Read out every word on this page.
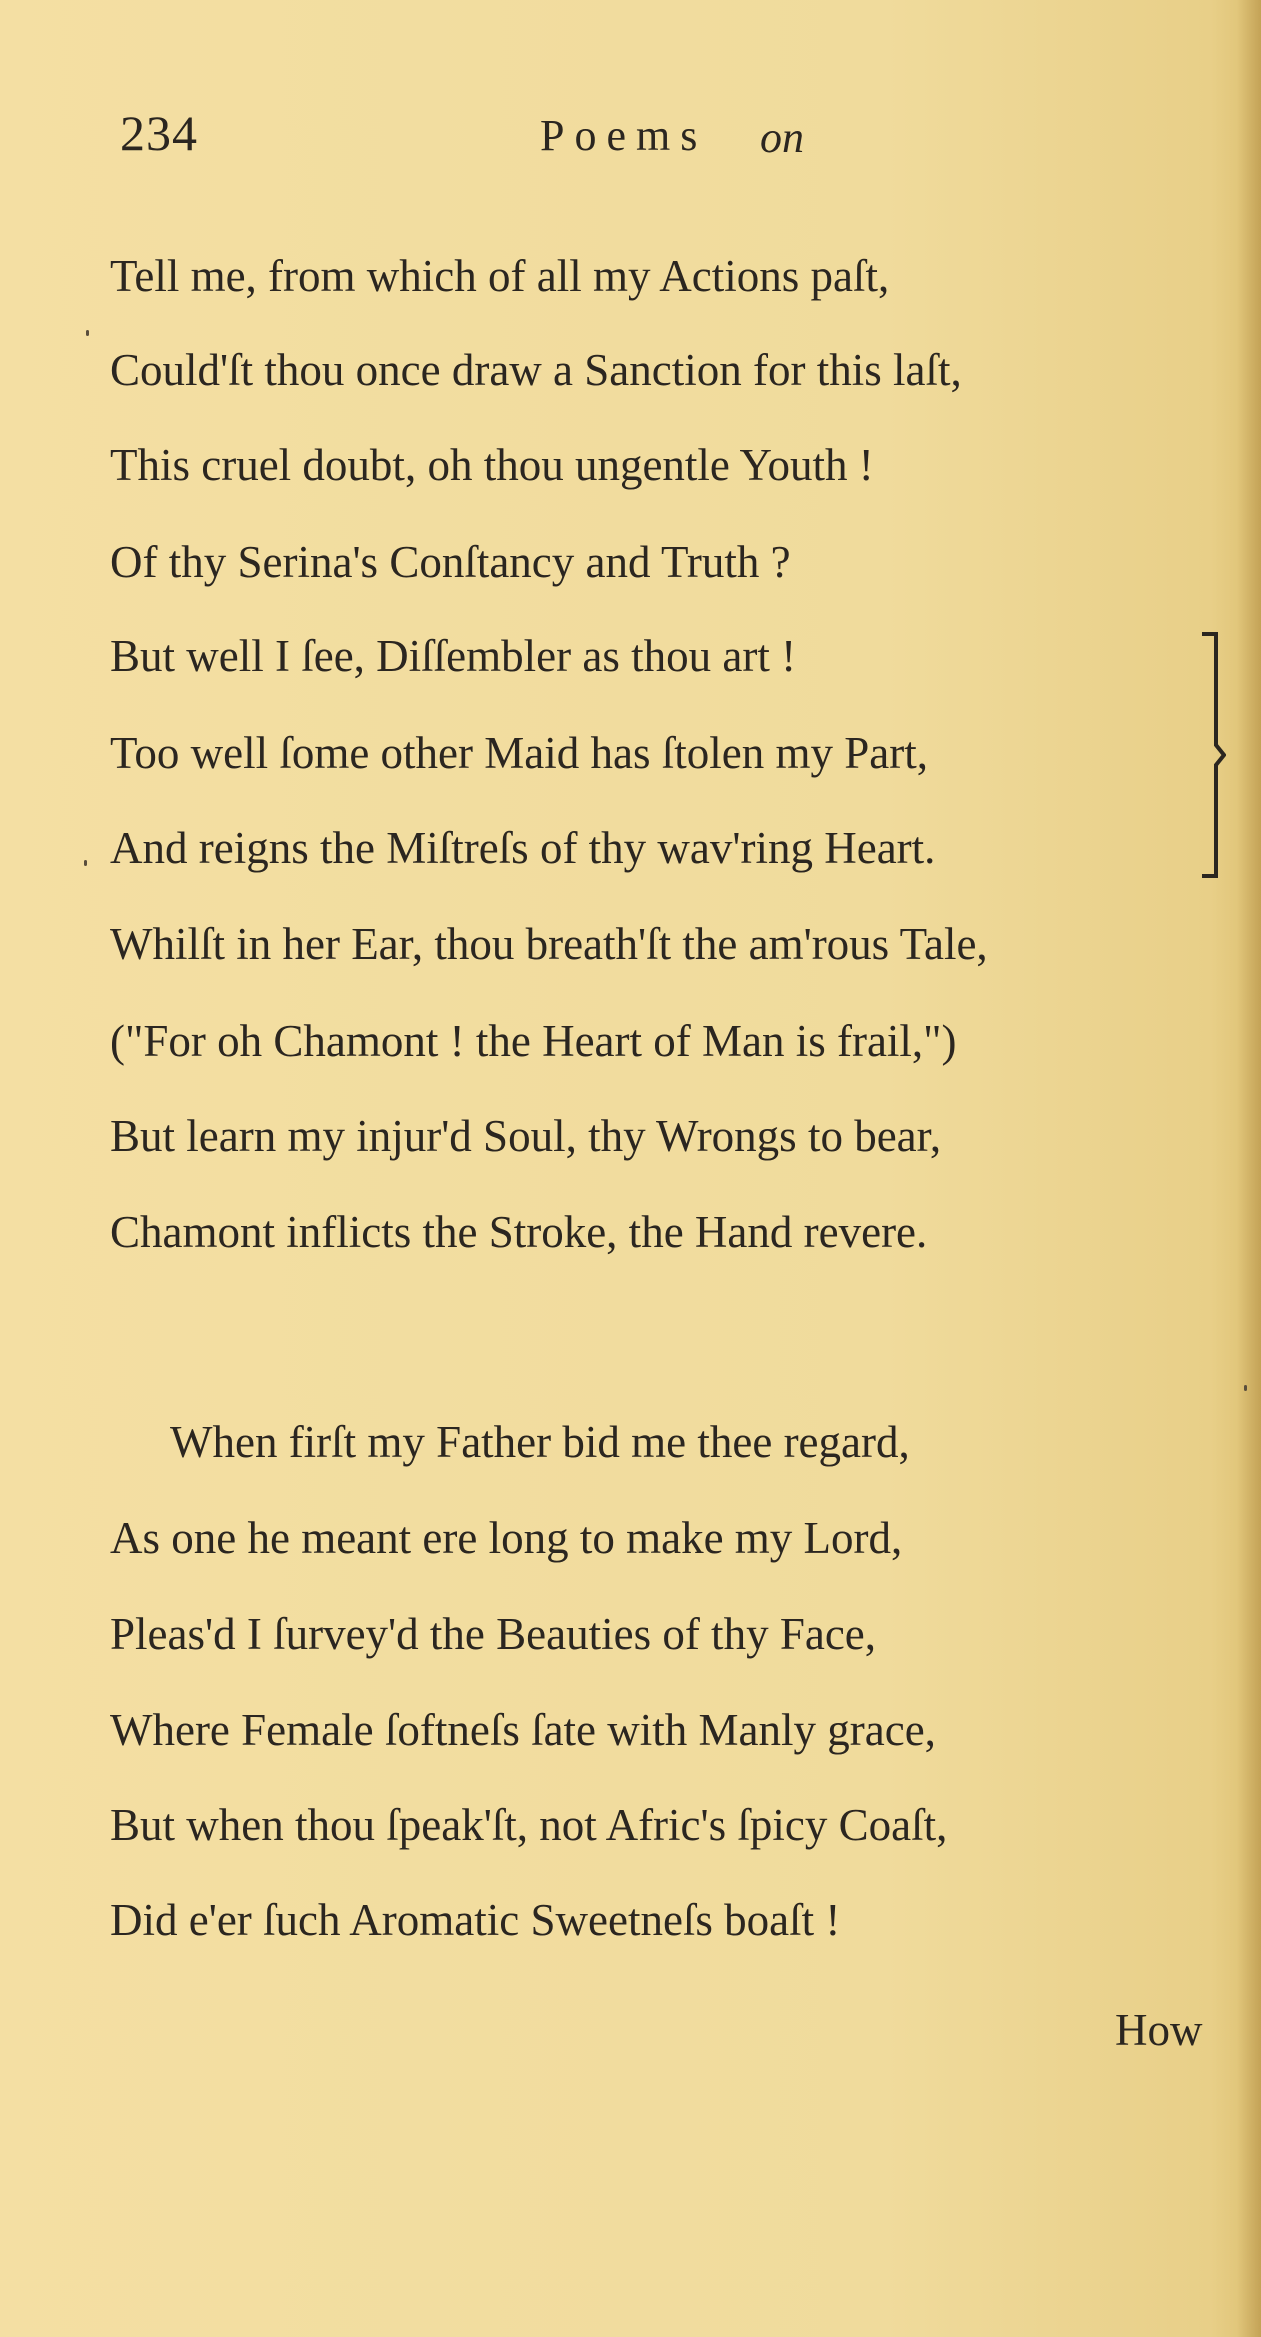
234	Poems on
Tell me, from which of all my Actions paſt,
Could'ſt thou once draw a Sanction for this laſt,
This cruel doubt, oh thou ungentle Youth !
Of thy Serina's Conſtancy and Truth ?
But well I ſee, Diſſembler as thou art !
Too well ſome other Maid has ſtolen my Part,
And reigns the Miſtreſs of thy wav'ring Heart.
Whilſt in her Ear, thou breath'ſt the am'rous Tale,
("For oh Chamont ! the Heart of Man is frail,")
But learn my injur'd Soul, thy Wrongs to bear,
Chamont inflicts the Stroke, the Hand revere.
When firſt my Father bid me thee regard,
As one he meant ere long to make my Lord,
Pleas'd I ſurvey'd the Beauties of thy Face,
Where Female ſoftneſs ſate with Manly grace,
But when thou ſpeak'ſt, not Afric's ſpicy Coaſt,
Did e'er ſuch Aromatic Sweetneſs boaſt !
How
